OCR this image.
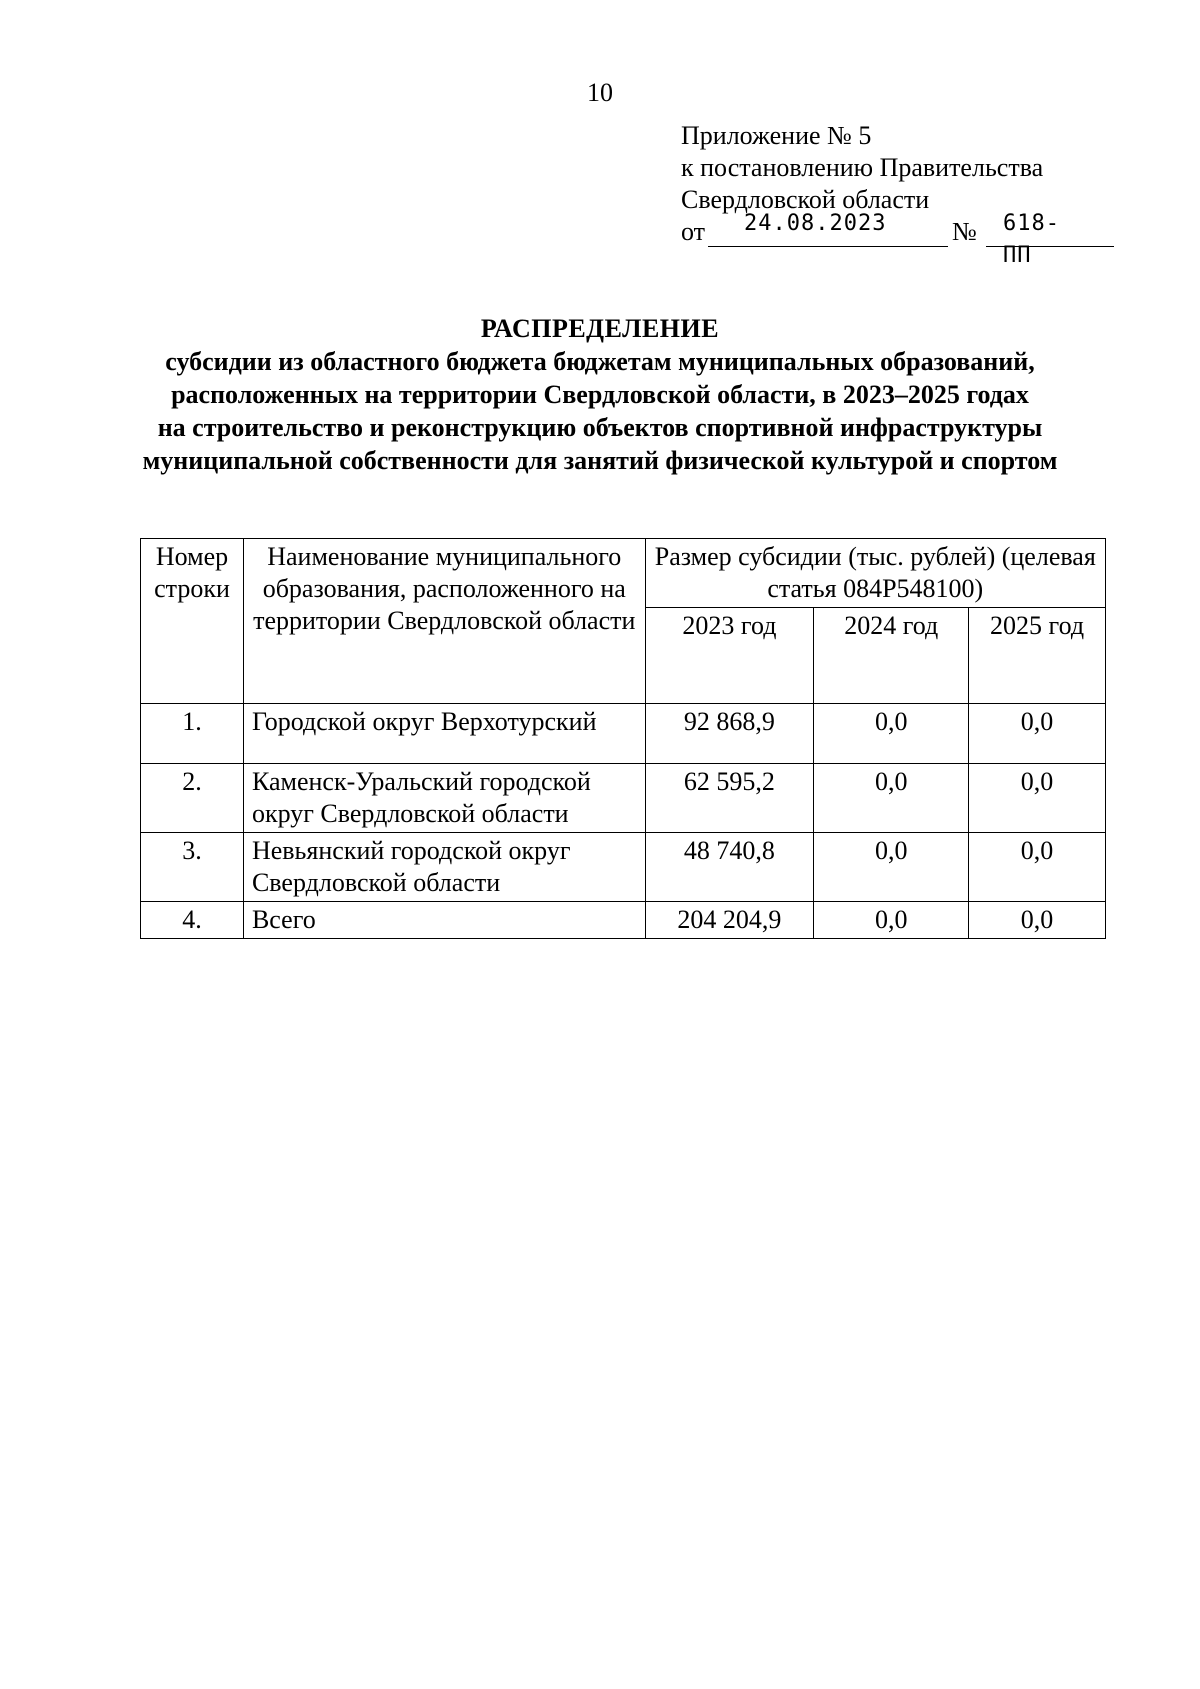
10
Приложение № 5
к постановлению Правительства
Свердловской области
от 24.08.2023	№ 618-ПП
РАСПРЕДЕЛЕНИЕ
субсидии из областного бюджета бюджетам муниципальных образований,
расположенных на территории Свердловской области, в 2023–2025 годах
на строительство и реконструкцию объектов спортивной инфраструктуры
муниципальной собственности для занятий физической культурой и спортом
Номер строки	Наименование муниципального образования, расположенного на территории Свердловской области	Размер субсидии (тыс. рублей) (целевая статья 084P548100)		
		2023 год	2024 год	2025 год
1.	Городской округ Верхотурский	92 868,9	0,0	0,0
2.	Каменск-Уральский городской округ Свердловской области	62 595,2	0,0	0,0
3.	Невьянский городской округ Свердловской области	48 740,8	0,0	0,0
4.	Всего	204 204,9	0,0	0,0
